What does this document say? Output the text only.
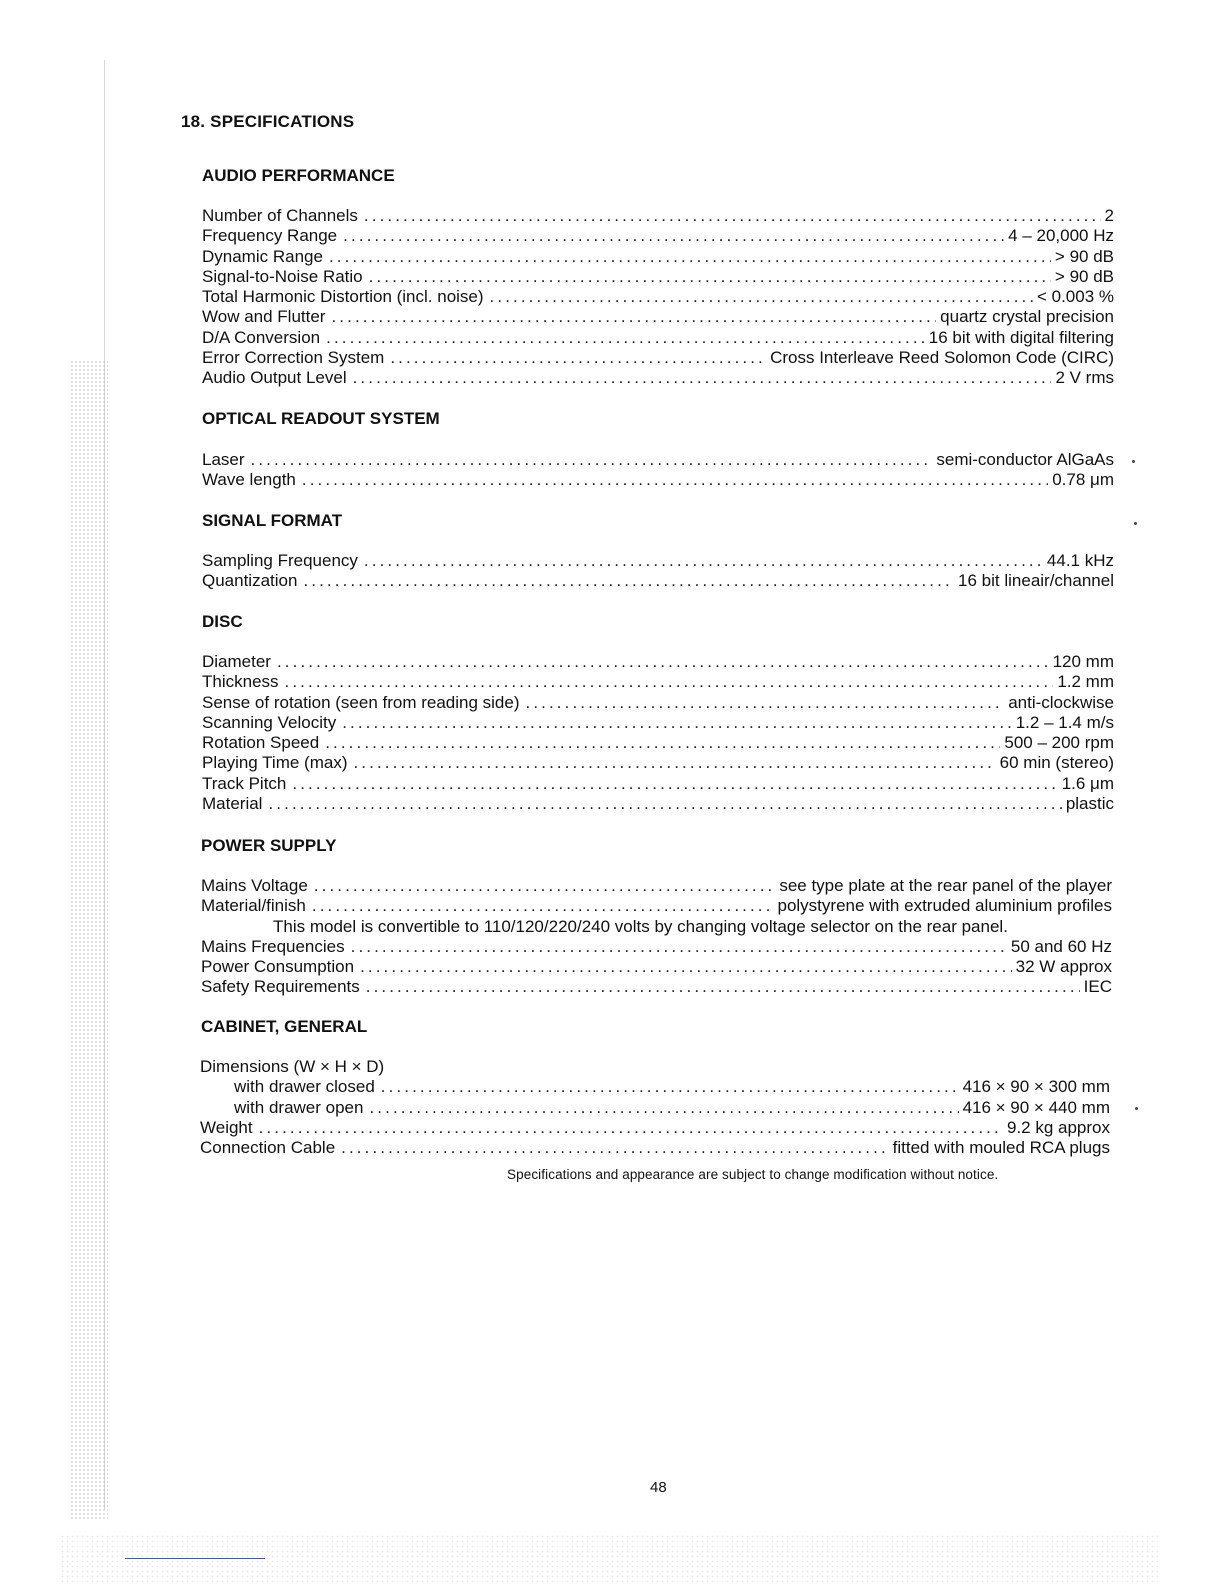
18. SPECIFICATIONS
AUDIO PERFORMANCE
Number of Channels .....	2
Frequency Range .....	4 – 20,000 Hz
Dynamic Range .....	> 90 dB
Signal-to-Noise Ratio .....	> 90 dB
Total Harmonic Distortion (incl. noise) .....	< 0.003 %
Wow and Flutter .....	quartz crystal precision
D/A Conversion .....	16 bit with digital filtering
Error Correction System .....	Cross Interleave Reed Solomon Code (CIRC)
Audio Output Level .....	2 V rms
OPTICAL READOUT SYSTEM
Laser .....	semi-conductor AlGaAs
Wave length .....	0.78 μm
SIGNAL FORMAT
Sampling Frequency .....	44.1 kHz
Quantization .....	16 bit lineair/channel
DISC
Diameter .....	120 mm
Thickness .....	1.2 mm
Sense of rotation (seen from reading side) .....	anti-clockwise
Scanning Velocity .....	1.2 – 1.4 m/s
Rotation Speed .....	500 – 200 rpm
Playing Time (max) .....	60 min (stereo)
Track Pitch .....	1.6 μm
Material .....	plastic
POWER SUPPLY
Mains Voltage .....	see type plate at the rear panel of the player
Material/finish .....	polystyrene with extruded aluminium profiles
This model is convertible to 110/120/220/240 volts by changing voltage selector on the rear panel.
Mains Frequencies .....	50 and 60 Hz
Power Consumption .....	32 W approx
Safety Requirements .....	IEC
CABINET, GENERAL
Dimensions (W × H × D)
with drawer closed .....	416 × 90 × 300 mm
with drawer open .....	416 × 90 × 440 mm
Weight .....	9.2 kg approx
Connection Cable .....	fitted with mouled RCA plugs
Specifications and appearance are subject to change modification without notice.
48
